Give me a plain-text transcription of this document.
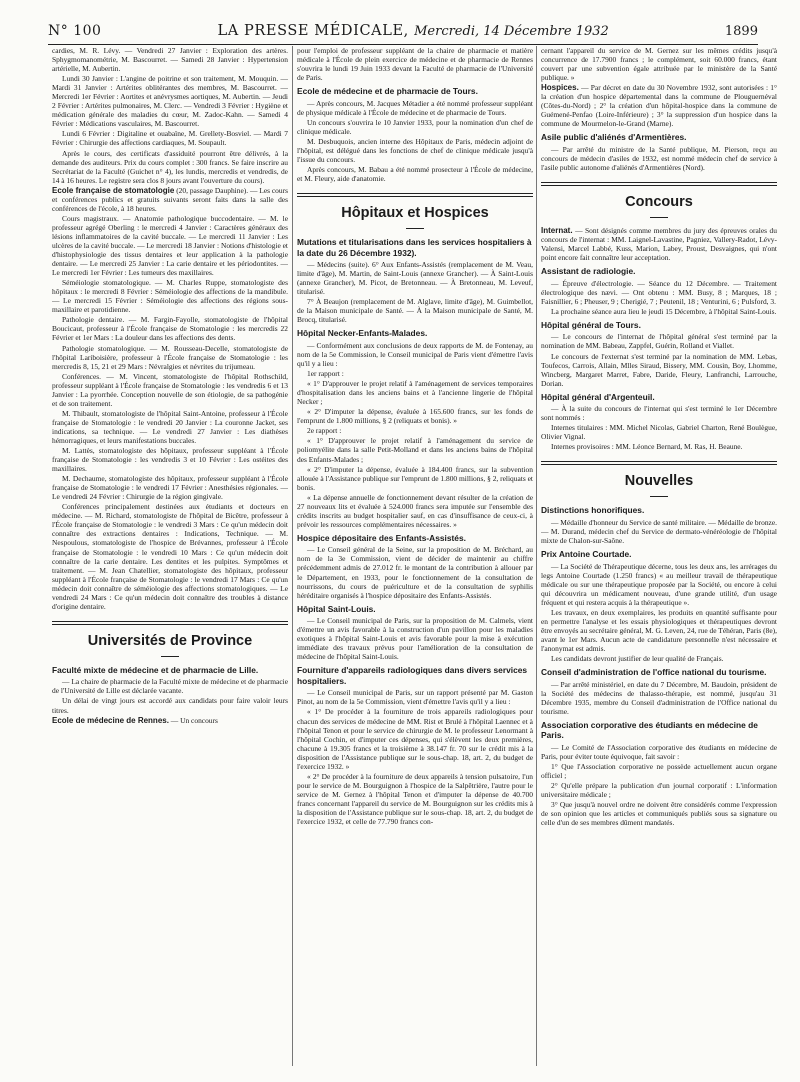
N° 100	LA PRESSE MÉDICALE, Mercredi, 14 Décembre 1932	1899

cardies, M. R. Lévy. — Vendredi 27 Janvier : Exploration des artères. Sphygmomanométrie, M. Bascourret. — Samedi 28 Janvier : Hypertension artérielle, M. Aubertin.

Lundi 30 Janvier : L'angine de poitrine et son traitement, M. Mouquin. — Mardi 31 Janvier : Artérites oblitérantes des membres, M. Bascourret. — Mercredi 1er Février : Aortites et anévrysmes aortiques, M. Aubertin. — Jeudi 2 Février : Artérites pulmonaires, M. Clerc. — Vendredi 3 Février : Hygiène et médication générale des maladies du cœur, M. Zadoc-Kahn. — Samedi 4 Février : Médications vasculaires, M. Bascourret.

Lundi 6 Février : Digitaline et ouabaïne, M. Grellety-Bosviel. — Mardi 7 Février : Chirurgie des affections cardiaques, M. Soupault.

Après le cours, des certificats d'assiduité pourront être délivrés, à la demande des auditeurs. Prix du cours complet : 300 francs. Se faire inscrire au Secrétariat de la Faculté (Guichet n° 4), les lundis, mercredis et vendredis, de 14 à 16 heures. Le registre sera clos 8 jours avant l'ouverture du cours).

Ecole française de stomatologie (20, passage Dauphine). — Les cours et conférences publics et gratuits suivants seront faits dans la salle des conférences de l'école, à 18 heures.

Cours magistraux. — Anatomie pathologique buccodentaire. — M. le professeur agrégé Oberling : le mercredi 4 Janvier : Caractères généraux des lésions inflammatoires de la cavité buccale. — Le mercredi 11 Janvier : Les ulcères de la cavité buccale. — Le mercredi 18 Janvier : Notions d'histologie et d'histophysiologie des tissus dentaires et leur application à la pathologie dentaire. — Le mercredi 25 Janvier : La carie dentaire et les périodontites. — Le mercredi 1er Février : Les tumeurs des maxillaires.

Séméiologie stomatologique. — M. Charles Ruppe, stomatologiste des hôpitaux : le mercredi 8 Février : Séméiologie des affections de la mandibule. — Le mercredi 15 Février : Séméiologie des affections des régions sous-maxillaire et parotidienne.

Pathologie dentaire. — M. Fargin-Fayolle, stomatologiste de l'hôpital Boucicaut, professeur à l'École française de Stomatologie : les mercredis 22 Février et 1er Mars : La douleur dans les affections des dents.

Pathologie stomatologique. — M. Rousseau-Decelle, stomatologiste de l'hôpital Lariboisière, professeur à l'École française de Stomatologie : les mercredis 8, 15, 21 et 29 Mars : Névralgies et névrites du trijumeau.

Conférences. — M. Vincent, stomatologiste de l'hôpital Rothschild, professeur suppléant à l'École française de Stomatologie : les vendredis 6 et 13 Janvier : La pyorrhée. Conception nouvelle de son étiologie, de sa pathogénie et de son traitement.

M. Thibault, stomatologiste de l'hôpital Saint-Antoine, professeur à l'École française de Stomatologie : le vendredi 20 Janvier : La couronne Jacket, ses indications, sa technique. — Le vendredi 27 Janvier : Les diathèses hémorragiques, et leurs manifestations buccales.

M. Lattès, stomatologiste des hôpitaux, professeur suppléant à l'École française de Stomatologie : les vendredis 3 et 10 Février : Les ostéites des maxillaires.

M. Dechaume, stomatologiste des hôpitaux, professeur suppléant à l'École française de Stomatologie : le vendredi 17 Février : Anesthésies régionales. — Le vendredi 24 Février : Chirurgie de la région gingivale.

Conférences principalement destinées aux étudiants et docteurs en médecine. — M. Richard, stomatologiste de l'hôpital de Bicêtre, professeur à l'École française de Stomatologie : le vendredi 3 Mars : Ce qu'un médecin doit connaître des extractions dentaires : Indications, Technique. — M. Nespoulous, stomatologiste de l'hospice de Brévannes, professeur à l'École française de Stomatologie : le vendredi 10 Mars : Ce qu'un médecin doit connaître de la carie dentaire. Les dentites et les pulpites. Symptômes et traitement. — M. Jean Chatellier, stomatologiste des hôpitaux, professeur suppléant à l'École française de Stomatologie : le vendredi 17 Mars : Ce qu'un médecin doit connaître de séméiologie des affections stomatologiques. — Le vendredi 24 Mars : Ce qu'un médecin doit connaître des troubles à distance d'origine dentaire.

Universités de Province
Faculté mixte de médecine et de pharmacie de Lille.

— La chaire de pharmacie de la Faculté mixte de médecine et de pharmacie de l'Université de Lille est déclarée vacante.

Un délai de vingt jours est accordé aux candidats pour faire valoir leurs titres.

Ecole de médecine de Rennes. — Un concours

pour l'emploi de professeur suppléant de la chaire de pharmacie et matière médicale à l'École de plein exercice de médecine et de pharmacie de Rennes s'ouvrira le lundi 19 Juin 1933 devant la Faculté de pharmacie de l'Université de Paris.

Ecole de médecine et de pharmacie de Tours.

— Après concours, M. Jacques Métadier a été nommé professeur suppléant de physique médicale à l'École de médecine et de pharmacie de Tours.

Un concours s'ouvrira le 10 Janvier 1933, pour la nomination d'un chef de clinique médicale.

M. Desbuquois, ancien interne des Hôpitaux de Paris, médecin adjoint de l'hôpital, est délégué dans les fonctions de chef de clinique médicale jusqu'à l'issue du concours.

Après concours, M. Babau a été nommé prosecteur à l'École de médecine, et M. Fleury, aide d'anatomie.

Hôpitaux et Hospices
Mutations et titularisations dans les services hospitaliers à la date du 26 Décembre 1932).

— Médecins (suite). 6° Aux Enfants-Assistés (remplacement de M. Veau, limite d'âge), M. Martin, de Saint-Louis (annexe Grancher). — À Saint-Louis (annexe Grancher), M. Picot, de Bretonneau. — À Bretonneau, M. Leveuf, titularisé.

7° À Beaujon (remplacement de M. Alglave, limite d'âge), M. Guimbellot, de la Maison municipale de Santé. — À la Maison municipale de Santé, M. Brocq, titularisé.

Hôpital Necker-Enfants-Malades.

— Conformément aux conclusions de deux rapports de M. de Fontenay, au nom de la 5e Commission, le Conseil municipal de Paris vient d'émettre l'avis qu'il y a lieu :

1er rapport :

« 1° D'approuver le projet relatif à l'aménagement de services temporaires d'hospitalisation dans les anciens bains et à l'ancienne lingerie de l'hôpital Necker ;

« 2° D'imputer la dépense, évaluée à 165.600 francs, sur les fonds de l'emprunt de 1.800 millions, § 2 (reliquats et bonis). »

2e rapport :

« 1° D'approuver le projet relatif à l'aménagement du service de poliomyélite dans la salle Petit-Molland et dans les anciens bains de l'hôpital des Enfants-Malades ;

« 2° D'imputer la dépense, évaluée à 184.400 francs, sur la subvention allouée à l'Assistance publique sur l'emprunt de 1.800 millions, § 2, reliquats et bonis.

« La dépense annuelle de fonctionnement devant résulter de la création de 27 nouveaux lits et évaluée à 524.000 francs sera imputée sur l'ensemble des crédits inscrits au budget hospitalier sauf, en cas d'insuffisance de ceux-ci, à prévoir les ressources complémentaires nécessaires. »

Hospice dépositaire des Enfants-Assistés.

— Le Conseil général de la Seine, sur la proposition de M. Bréchard, au nom de la 3e Commission, vient de décider de maintenir au chiffre précédemment admis de 27.012 fr. le montant de la contribution à allouer par le Département, en 1933, pour le fonctionnement de la consultation de nourrissons, du cours de puériculture et de la consultation de syphilis héréditaire organisés à l'hospice dépositaire des Enfants-Assistés.

Hôpital Saint-Louis.

— Le Conseil municipal de Paris, sur la proposition de M. Calmels, vient d'émettre un avis favorable à la construction d'un pavillon pour les maladies exotiques à l'hôpital Saint-Louis et avis favorable pour la mise à exécution immédiate des travaux prévus pour l'amélioration de la consultation de médecine de l'hôpital Saint-Louis.

Fourniture d'appareils radiologiques dans divers services hospitaliers.

— Le Conseil municipal de Paris, sur un rapport présenté par M. Gaston Pinot, au nom de la 5e Commission, vient d'émettre l'avis qu'il y a lieu :

« 1° De procéder à la fourniture de trois appareils radiologiques pour chacun des services de médecine de MM. Rist et Brulé à l'hôpital Laennec et à l'hôpital Tenon et pour le service de chirurgie de M. le professeur Lenormant à l'hôpital Cochin, et d'imputer ces dépenses, qui s'élèvent les deux premières, chacune à 19.305 francs et la troisième à 38.147 fr. 70 sur le crédit mis à la disposition de l'Assistance publique sur le sous-chap. 18, art. 2, du budget de l'exercice 1932. »

« 2° De procéder à la fourniture de deux appareils à tension pulsatoire, l'un pour le service de M. Bourguignon à l'hospice de la Salpêtrière, l'autre pour le service de M. Gernez à l'hôpital Tenon et d'imputer la dépense de 40.700 francs concernant l'appareil du service de M. Bourguignon sur les crédits mis à la disposition de l'Assistance publique sur le sous-chap. 18, art. 2, du budget de l'exercice 1932, et celle de 77.790 francs con-

cernant l'appareil du service de M. Gernez sur les mêmes crédits jusqu'à concurrence de 17.7900 francs ; le complément, soit 60.000 francs, étant couvert par une subvention égale attribuée par le ministère de la Santé publique. »

Hospices. — Par décret en date du 30 Novembre 1932, sont autorisées : 1° la création d'un hospice départemental dans la commune de Plouguernéval (Côtes-du-Nord) ; 2° la création d'un hôpital-hospice dans la commune de Guémené-Penfao (Loire-Inférieure) ; 3° la suppression d'un hospice dans la commune de Mourmelon-le-Grand (Marne).

Asile public d'aliénés d'Armentières.

— Par arrêté du ministre de la Santé publique, M. Pierson, reçu au concours de médecin d'asiles de 1932, est nommé médecin chef de service à l'asile public autonome d'aliénés d'Armentières (Nord).

Concours

Internat. — Sont désignés comme membres du jury des épreuves orales du concours de l'internat : MM. Laignel-Lavastine, Pagniez, Vallery-Radot, Lévy-Valensi, Marcel Labbé, Kuss, Marion, Labey, Proust, Desvaignes, qui n'ont point encore fait connaître leur acceptation.

Assistant de radiologie.

— Épreuve d'électrologie. — Séance du 12 Décembre. — Traitement électrologique des nævi. — Ont obtenu : MM. Busy, 8 ; Marques, 18 ; Faisnillier, 6 ; Pheuser, 9 ; Cherigié, 7 ; Peutenil, 18 ; Venturini, 6 ; Pulsford, 3.

La prochaine séance aura lieu le jeudi 15 Décembre, à l'hôpital Saint-Louis.

Hôpital général de Tours.

— Le concours de l'internat de l'hôpital général s'est terminé par la nomination de MM. Babeau, Zappfel, Guérin, Rolland et Viallet.

Le concours de l'externat s'est terminé par la nomination de MM. Lebas, Toufecos, Carrois, Allain, Mlles Siraud, Bissery, MM. Cousin, Boy, Lhomme, Wincberg, Margaret Marret, Fabre, Daride, Fleury, Lanfranchi, Larrouche, Dorian.

Hôpital général d'Argenteuil.

— À la suite du concours de l'internat qui s'est terminé le 1er Décembre sont nommés :

Internes titulaires : MM. Michel Nicolas, Gabriel Charton, René Boulègue, Olivier Vignal.

Internes provisoires : MM. Léonce Bernard, M. Ras, H. Beaune.

Nouvelles
Distinctions honorifiques.

— Médaille d'honneur du Service de santé militaire. — Médaille de bronze. — M. Durand, médecin chef du Service de dermato-vénéréologie de l'hôpital mixte de Chalon-sur-Saône.

Prix Antoine Courtade.

— La Société de Thérapeutique décerne, tous les deux ans, les arrérages du legs Antoine Courtade (1.250 francs) « au meilleur travail de thérapeutique médicale ou sur une thérapeutique proposée par la Société, ou encore à celui qui découvrira un médicament nouveau, d'une grande utilité, d'un usage fréquent et qui restera acquis à la thérapeutique ».

Les travaux, en deux exemplaires, les produits en quantité suffisante pour en permettre l'analyse et les essais physiologiques et thérapeutiques devront être envoyés au secrétaire général, M. G. Leven, 24, rue de Téhéran, Paris (8e), avant le 1er Mars. Aucun acte de candidature personnelle n'est nécessaire et l'anonymat est admis.

Les candidats devront justifier de leur qualité de Français.

Conseil d'administration de l'office national du tourisme.

— Par arrêté ministériel, en date du 7 Décembre, M. Baudoin, président de la Société des médecins de thalasso-thérapie, est nommé, jusqu'au 31 Décembre 1935, membre du Conseil d'administration de l'Office national du tourisme.

Association corporative des étudiants en médecine de Paris.

— Le Comité de l'Association corporative des étudiants en médecine de Paris, pour éviter toute équivoque, fait savoir :

1° Que l'Association corporative ne possède actuellement aucun organe officiel ;

2° Qu'elle prépare la publication d'un journal corporatif : L'information universitaire médicale ;

3° Que jusqu'à nouvel ordre ne doivent être considérés comme l'expression de son opinion que les articles et communiqués publiés sous sa signature ou celle d'un de ses membres dûment mandatés.
